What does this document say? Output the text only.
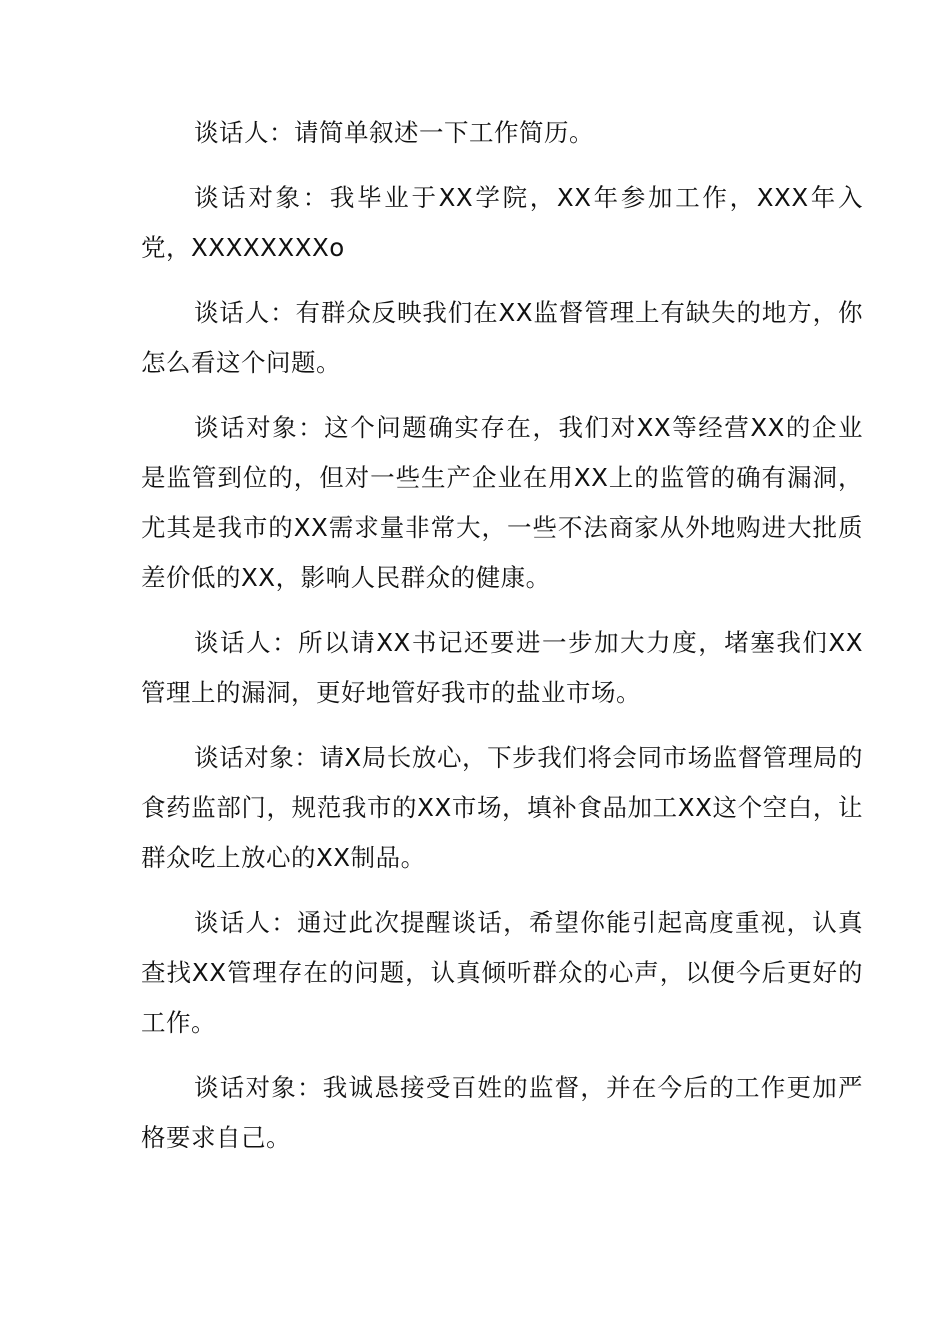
谈话人：请简单叙述一下工作简历。

谈话对象：我毕业于XX学院，XX年参加工作，XXX年入党，XXXXXXXXo

谈话人：有群众反映我们在XX监督管理上有缺失的地方，你怎么看这个问题。

谈话对象：这个问题确实存在，我们对XX等经营XX的企业是监管到位的，但对一些生产企业在用XX上的监管的确有漏洞，尤其是我市的XX需求量非常大，一些不法商家从外地购进大批质差价低的XX，影响人民群众的健康。

谈话人：所以请XX书记还要进一步加大力度，堵塞我们XX管理上的漏洞，更好地管好我市的盐业市场。

谈话对象：请X局长放心，下步我们将会同市场监督管理局的食药监部门，规范我市的XX市场，填补食品加工XX这个空白，让群众吃上放心的XX制品。

谈话人：通过此次提醒谈话，希望你能引起高度重视，认真查找XX管理存在的问题，认真倾听群众的心声，以便今后更好的工作。

谈话对象：我诚恳接受百姓的监督，并在今后的工作更加严格要求自己。
